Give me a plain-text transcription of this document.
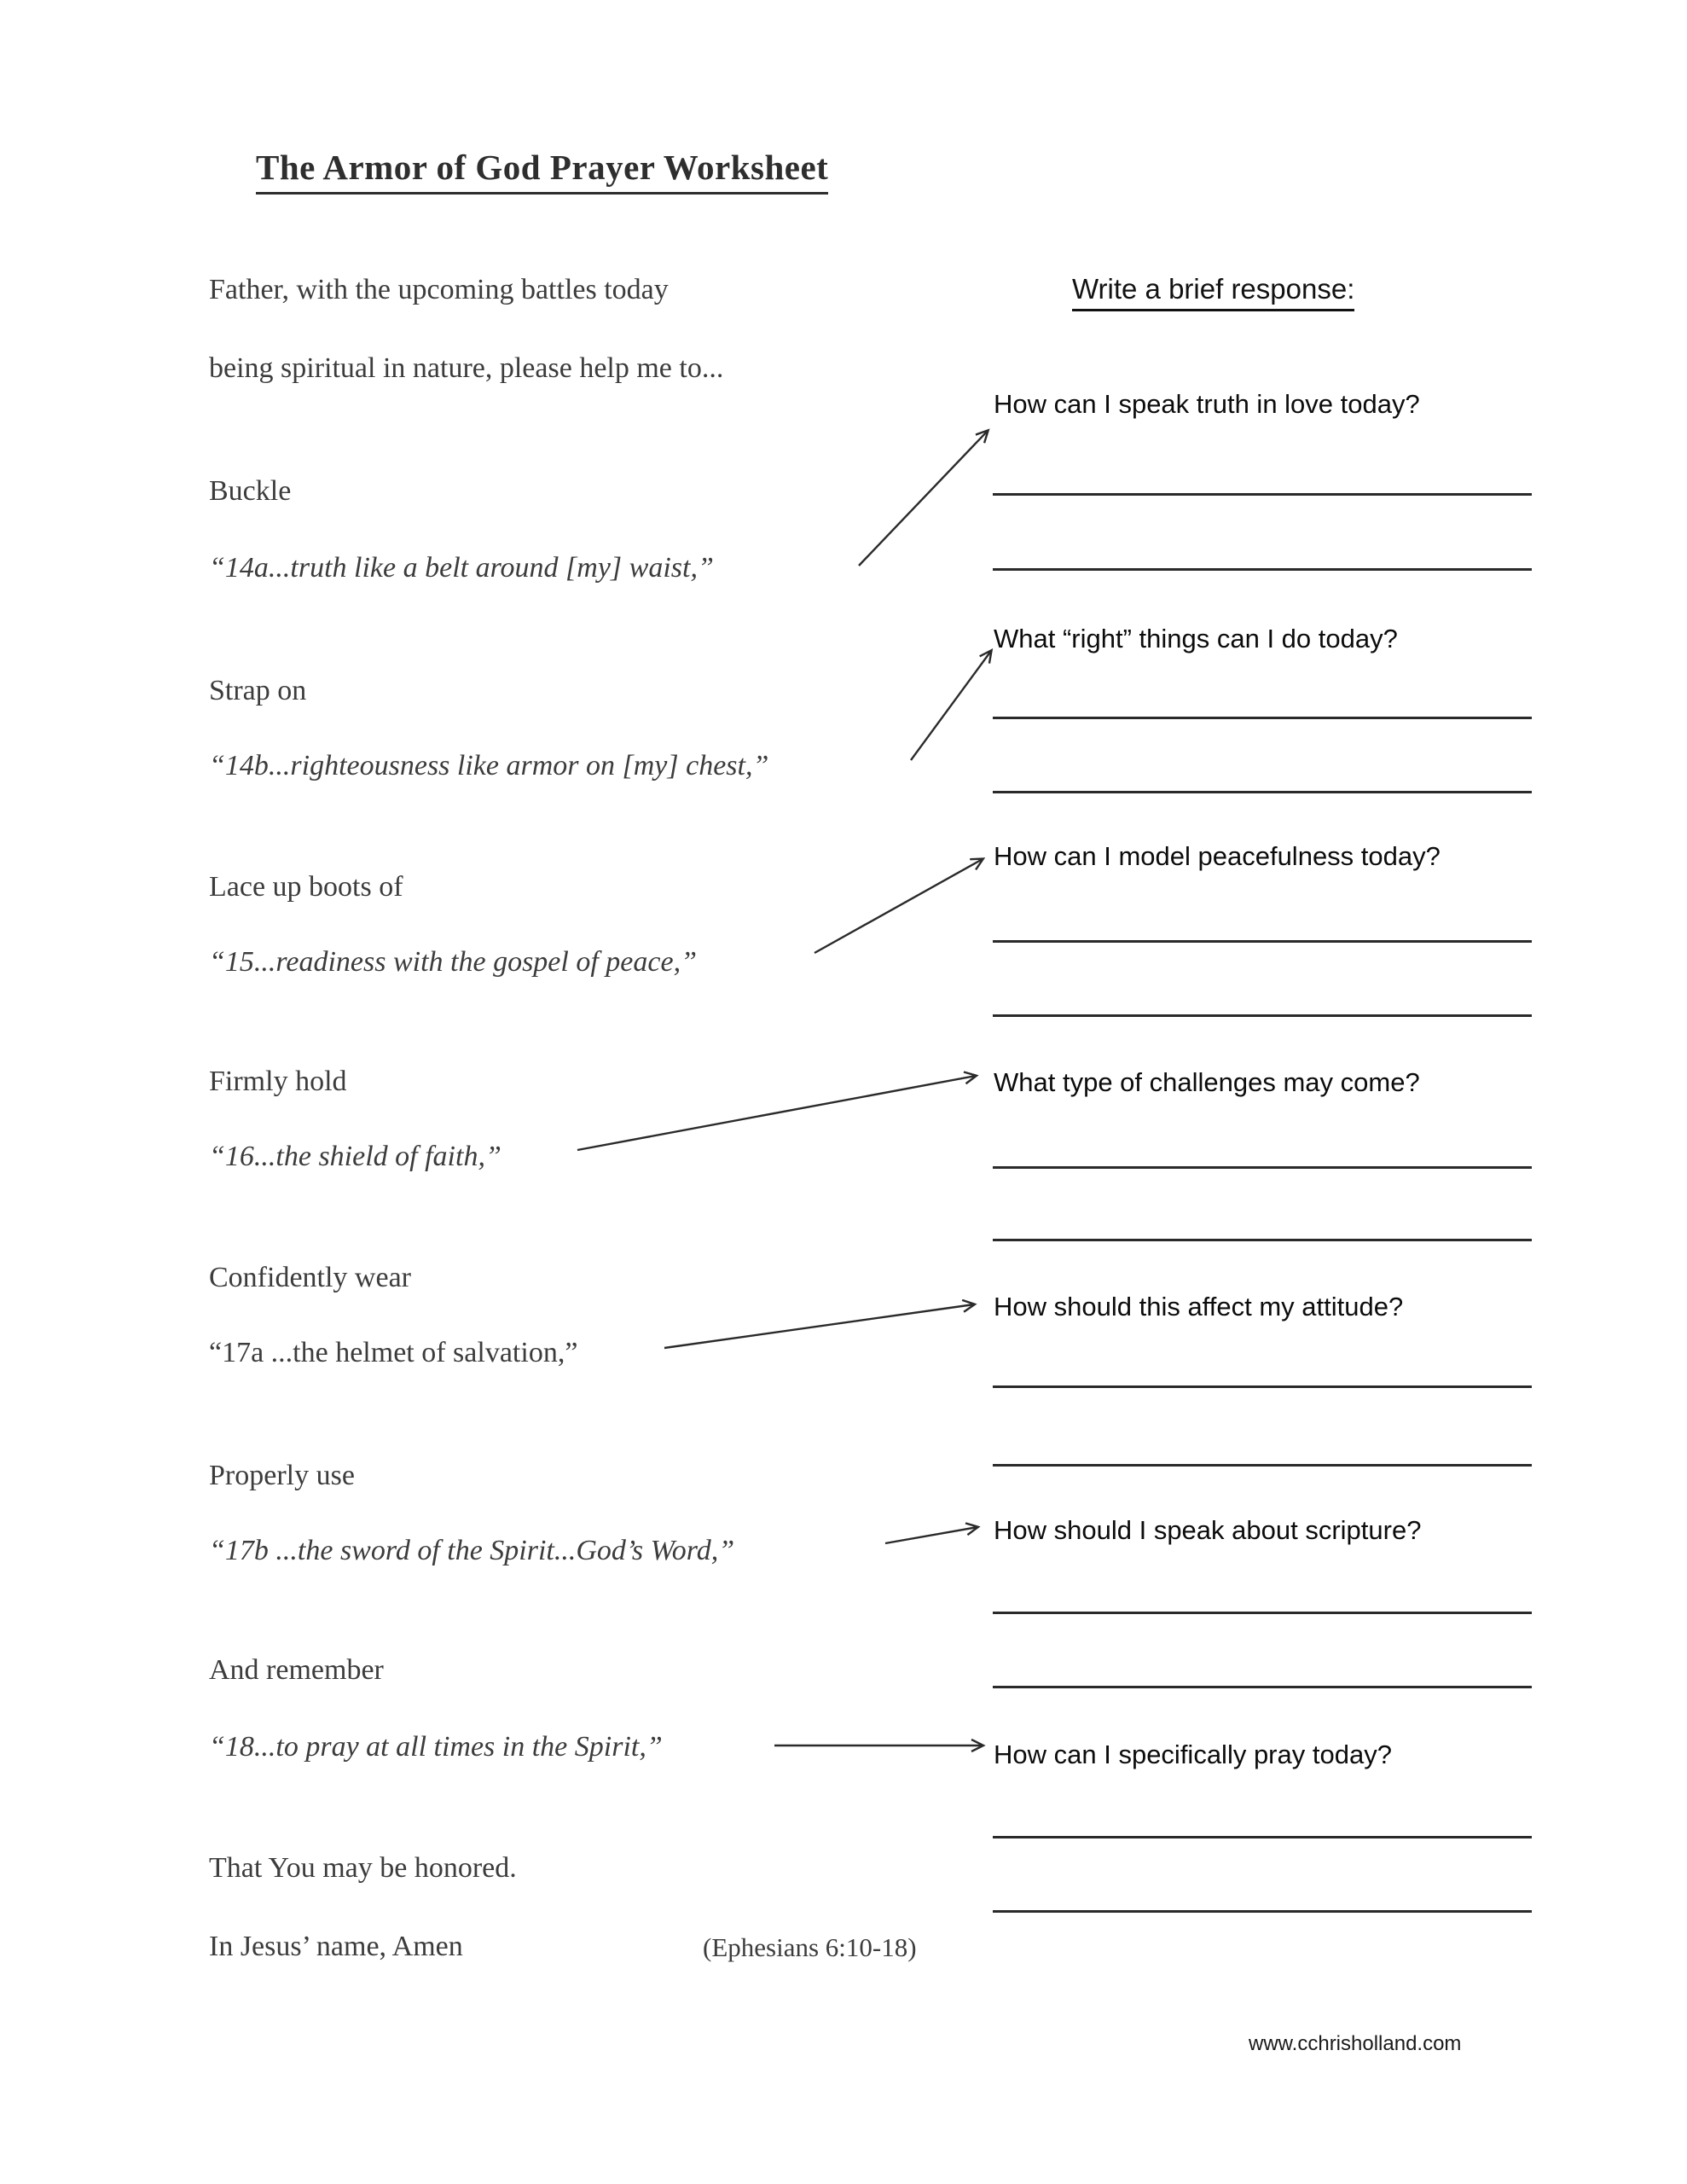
The Armor of God Prayer Worksheet
Father, with the upcoming battles today
being spiritual in nature, please help me to...
Buckle
“14a...truth like a belt around [my] waist,”
Strap on
“14b...righteousness like armor on [my] chest,”
Lace up boots of
“15...readiness with the gospel of peace,”
Firmly hold
“16...the shield of faith,”
Confidently wear
“17a ...the helmet of salvation,”
Properly use
“17b ...the sword of the Spirit...God’s Word,”
And remember
“18...to pray at all times in the Spirit,”
That You may be honored.
In Jesus’ name, Amen	(Ephesians 6:10-18)
Write a brief response:
How can I speak truth in love today?
What “right” things can I do today?
How can I model peacefulness today?
What type of challenges may come?
How should this affect my attitude?
How should I speak about scripture?
How can I specifically pray today?
www.cchrisholland.com
